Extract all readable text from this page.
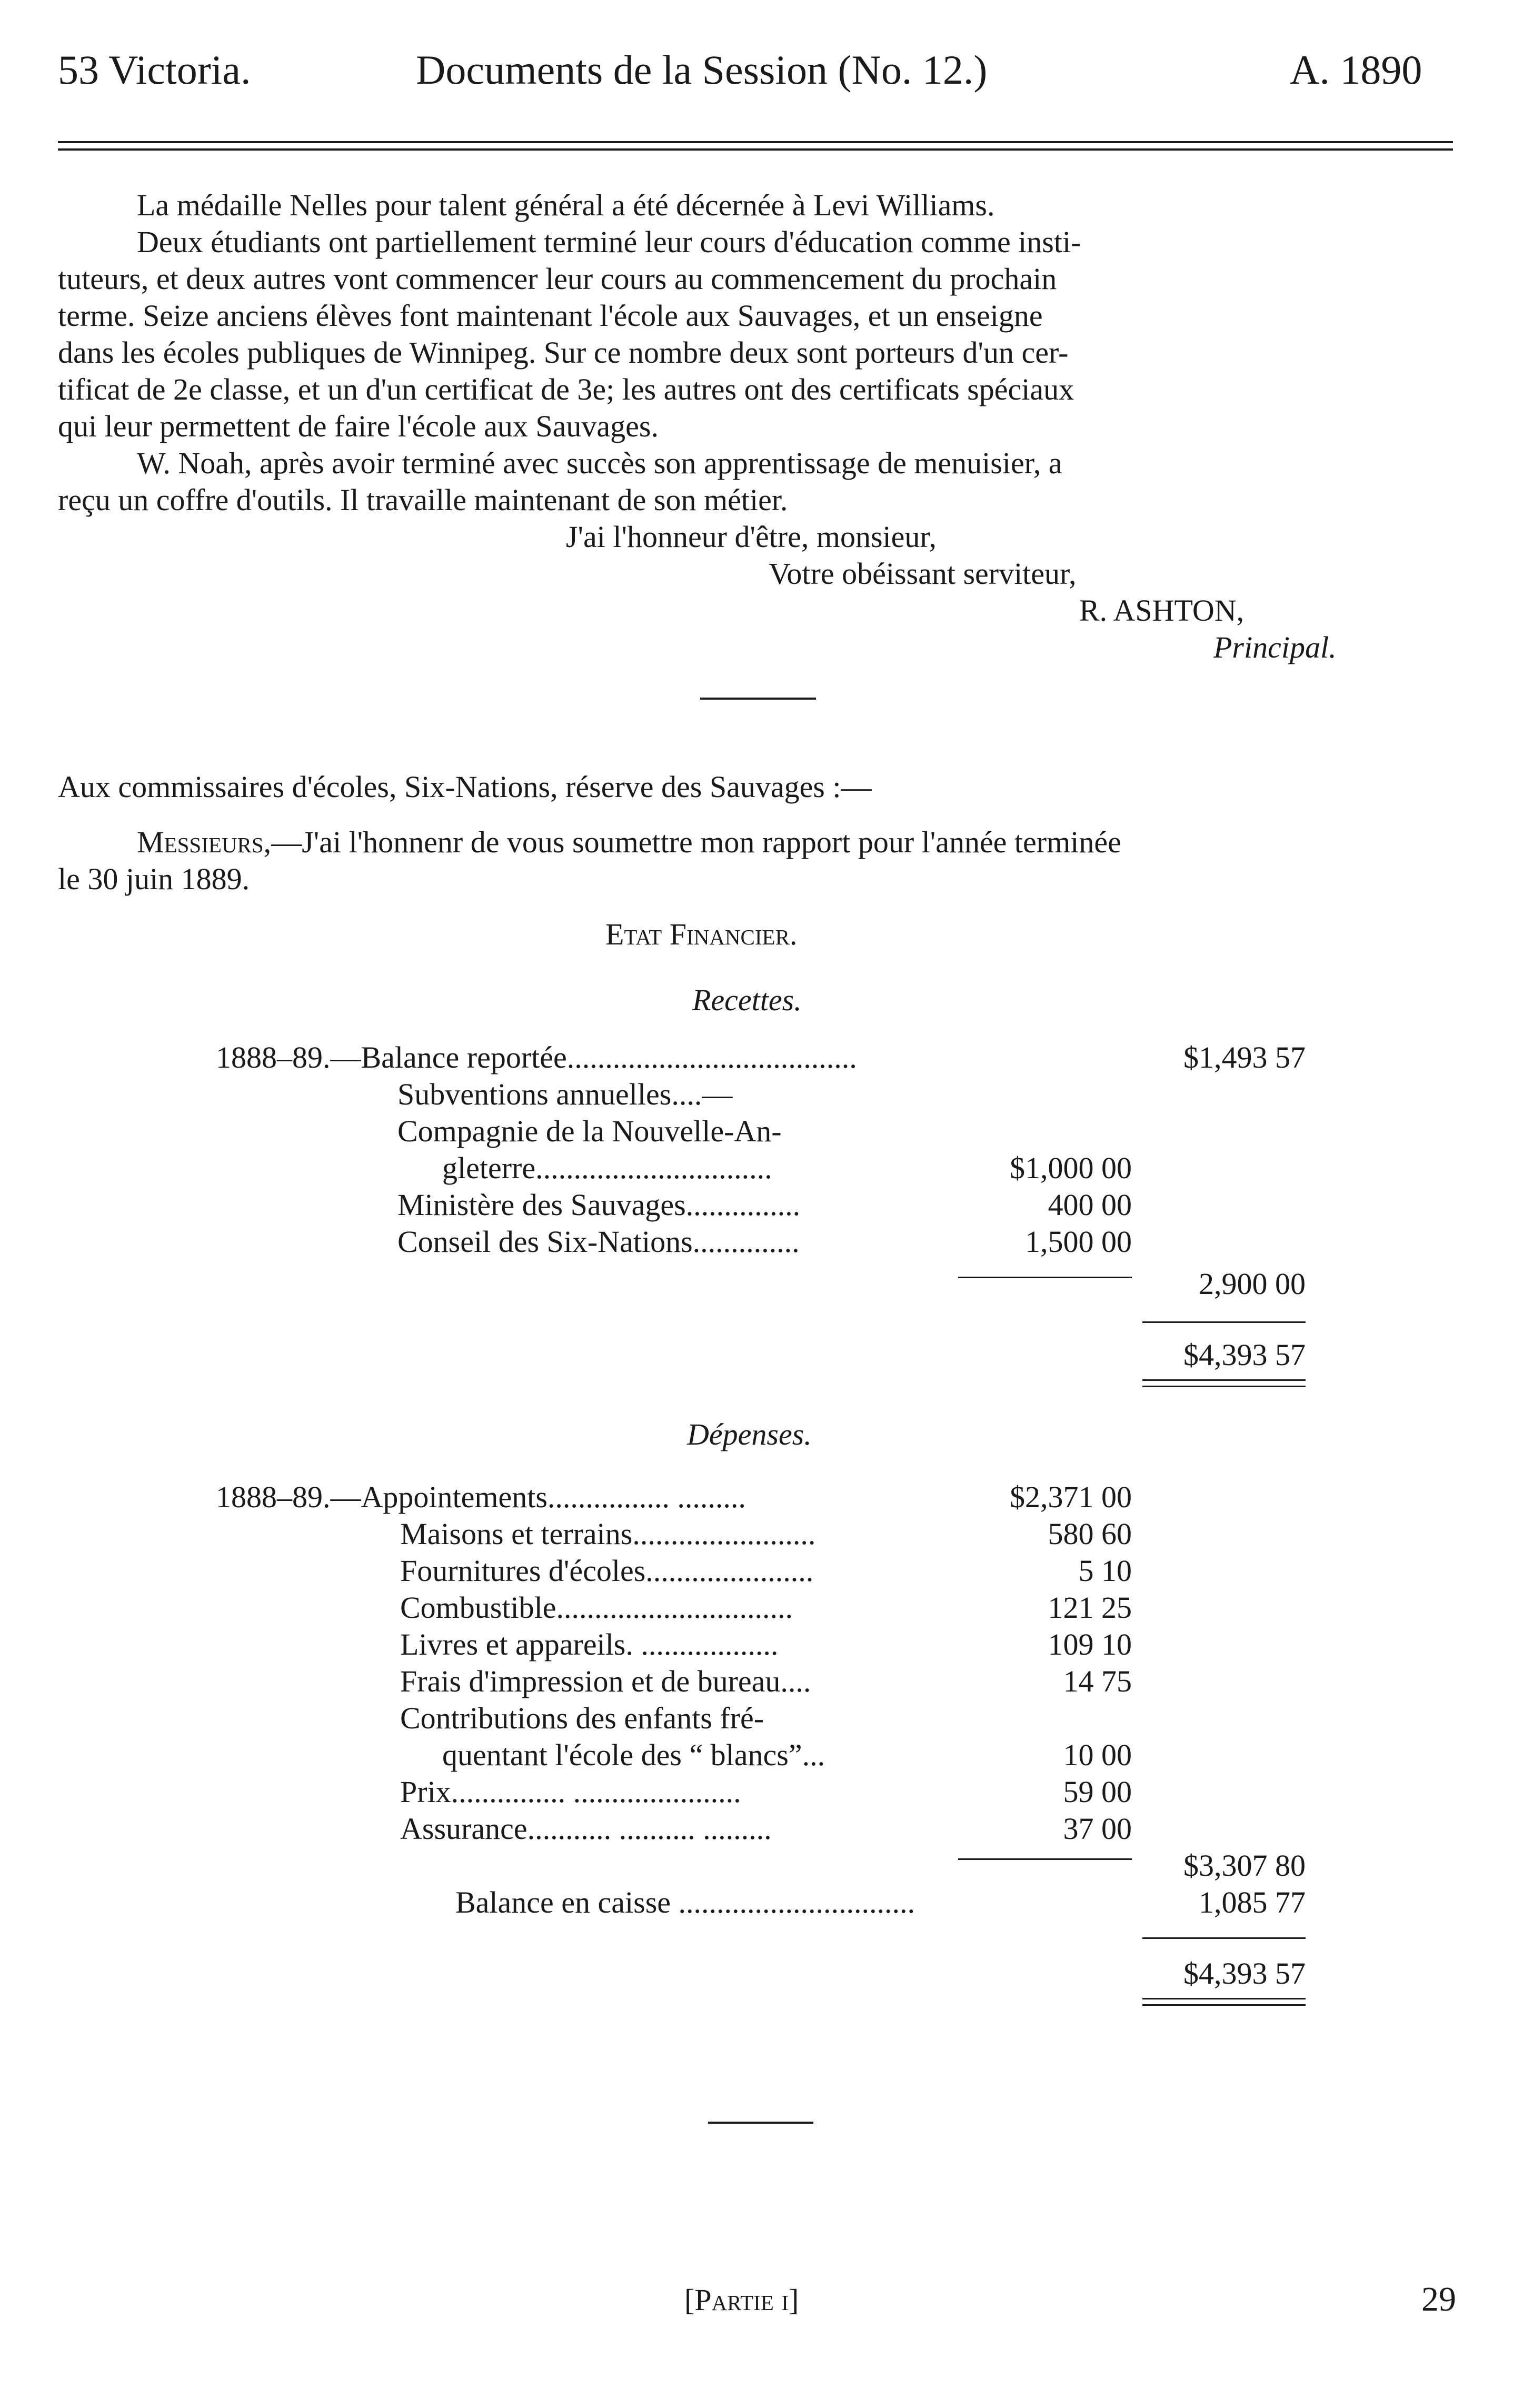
53 Victoria.	Documents de la Session (No. 12.)	A. 1890
La médaille Nelles pour talent général a été décernée à Levi Williams.
Deux étudiants ont partiellement terminé leur cours d'éducation comme insti-
tuteurs, et deux autres vont commencer leur cours au commencement du prochain
terme. Seize anciens élèves font maintenant l'école aux Sauvages, et un enseigne
dans les écoles publiques de Winnipeg. Sur ce nombre deux sont porteurs d'un cer-
tificat de 2e classe, et un d'un certificat de 3e; les autres ont des certificats spéciaux
qui leur permettent de faire l'école aux Sauvages.
W. Noah, après avoir terminé avec succès son apprentissage de menuisier, a
reçu un coffre d'outils. Il travaille maintenant de son métier.
J'ai l'honneur d'être, monsieur,
Votre obéissant serviteur,
R. ASHTON,
Principal.
Aux commissaires d'écoles, Six-Nations, réserve des Sauvages :—
Messieurs,—J'ai l'honnenr de vous soumettre mon rapport pour l'année terminée
le 30 juin 1889.
Etat Financier.
Recettes.
1888–89.—Balance reportée......................................	$1,493 57
Subventions annuelles....—
Compagnie de la Nouvelle-An-
gleterre...............................	$1,000 00
Ministère des Sauvages...............	400 00
Conseil des Six-Nations..............	1,500 00
2,900 00
$4,393 57
Dépenses.
1888–89.—Appointements................ .........	$2,371 00
Maisons et terrains........................	580 60
Fournitures d'écoles......................	5 10
Combustible...............................	121 25
Livres et appareils. ..................	109 10
Frais d'impression et de bureau....	14 75
Contributions des enfants fré-
quentant l'école des “ blancs”...	10 00
Prix............... ......................	59 00
Assurance........... .......... .........	37 00
$3,307 80
Balance en caisse ...............................	1,085 77
$4,393 57
[Partie i]	29
